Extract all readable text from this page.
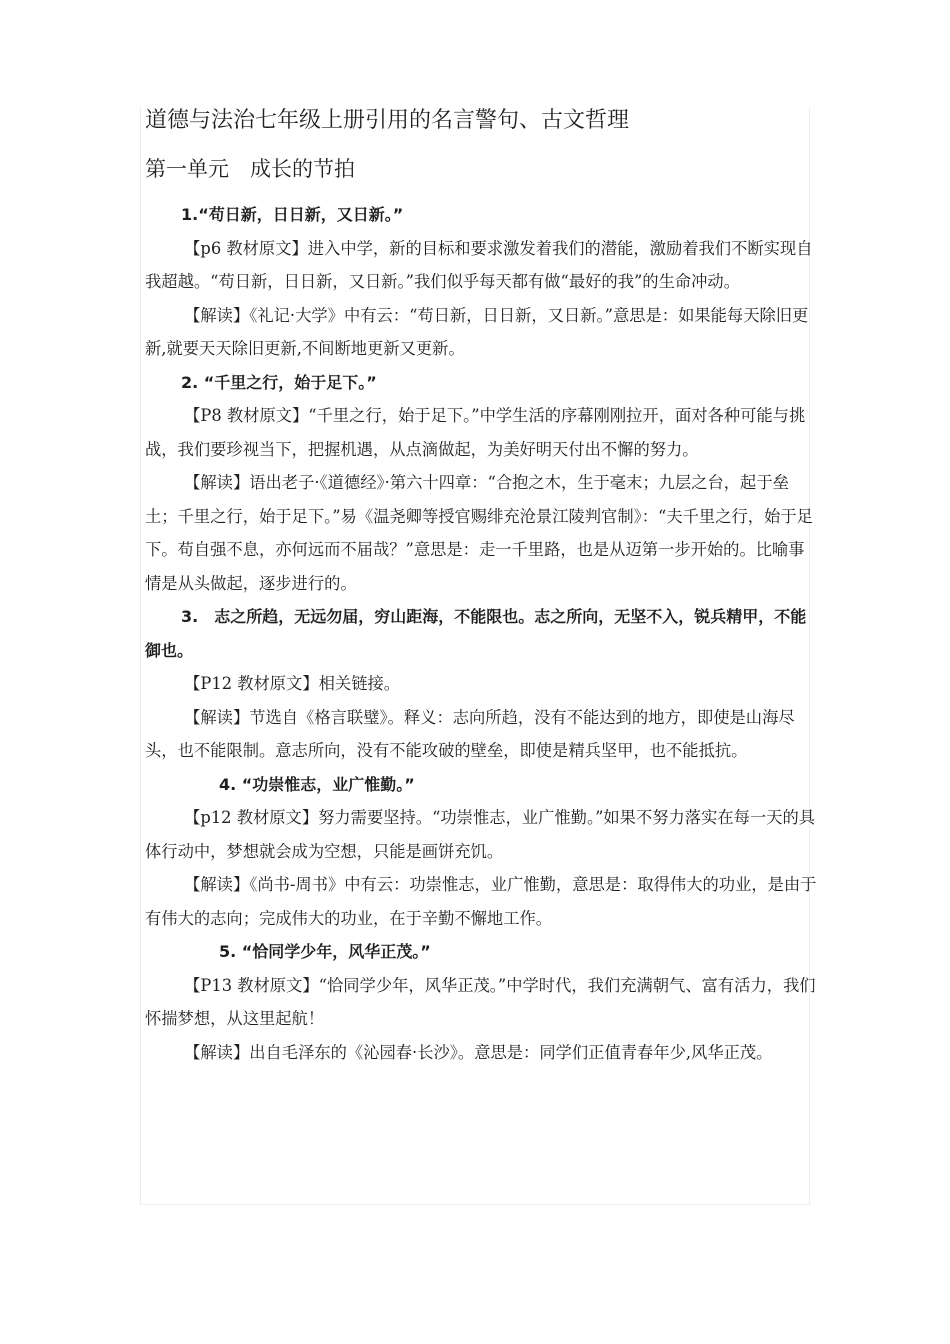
道德与法治七年级上册引用的名言警句、古文哲理
第一单元　成长的节拍
1.“苟日新，日日新，又日新。”
【p6 教材原文】进入中学，新的目标和要求激发着我们的潜能，激励着我们不断实现自我超越。“苟日新，日日新，又日新。”我们似乎每天都有做“最好的我”的生命冲动。
【解读】《礼记·大学》中有云：“苟日新，日日新，又日新。”意思是：如果能每天除旧更新,就要天天除旧更新,不间断地更新又更新。
2. “千里之行，始于足下。”
【P8 教材原文】“千里之行，始于足下。”中学生活的序幕刚刚拉开，面对各种可能与挑战，我们要珍视当下，把握机遇，从点滴做起，为美好明天付出不懈的努力。
【解读】语出老子·《道德经》·第六十四章：“合抱之木，生于毫末；九层之台，起于垒土；千里之行，始于足下。”易《温尧卿等授官赐绯充沧景江陵判官制》：“夫千里之行，始于足下。苟自强不息，亦何远而不届哉？”意思是：走一千里路，也是从迈第一步开始的。比喻事情是从头做起，逐步进行的。
3.　志之所趋，无远勿届，穷山距海，不能限也。志之所向，无坚不入，锐兵精甲，不能御也。
【P12 教材原文】相关链接。
【解读】节选自《格言联璧》。释义：志向所趋，没有不能达到的地方，即使是山海尽头，也不能限制。意志所向，没有不能攻破的壁垒，即使是精兵坚甲，也不能抵抗。
4. “功崇惟志，业广惟勤。”
【p12 教材原文】努力需要坚持。“功崇惟志，业广惟勤。”如果不努力落实在每一天的具体行动中，梦想就会成为空想，只能是画饼充饥。
【解读】《尚书-周书》中有云：功崇惟志，业广惟勤，意思是：取得伟大的功业，是由于有伟大的志向；完成伟大的功业，在于辛勤不懈地工作。
5. “恰同学少年，风华正茂。”
【P13 教材原文】“恰同学少年，风华正茂。”中学时代，我们充满朝气、富有活力，我们怀揣梦想，从这里起航！
【解读】出自毛泽东的《沁园春·长沙》。意思是：同学们正值青春年少,风华正茂。
